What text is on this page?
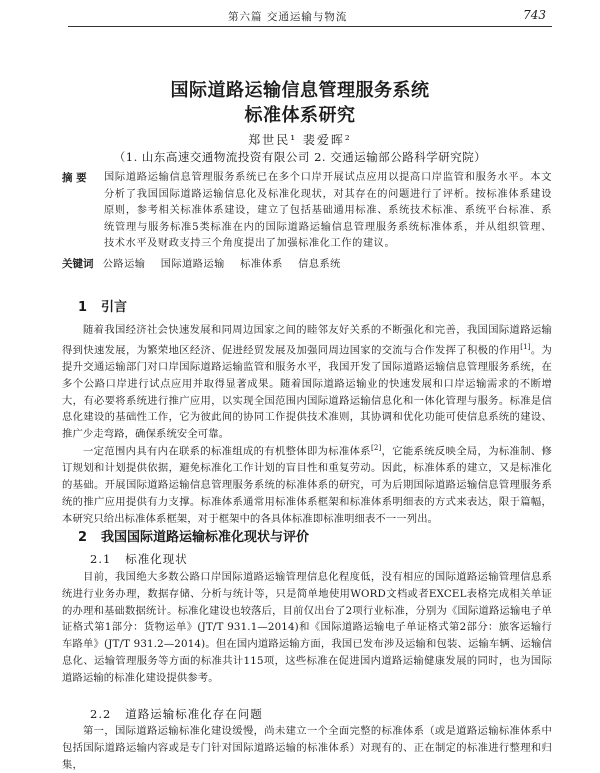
第六篇 交通运输与物流	743
国际道路运输信息管理服务系统
标准体系研究
郑世民¹ 裴爱晖²
（1. 山东高速交通物流投资有限公司 2. 交通运输部公路科学研究院）
摘 要 国际道路运输信息管理服务系统已在多个口岸开展试点应用以提高口岸监管和服务水平。本文分析了我国国际道路运输信息化及标准化现状，对其存在的问题进行了评析。按标准体系建设原则，参考相关标准体系建设，建立了包括基础通用标准、系统技术标准、系统平台标准、系统管理与服务标准5类标准在内的国际道路运输信息管理服务系统标准体系，并从组织管理、技术水平及财政支持三个角度提出了加强标准化工作的建议。
关键词 公路运输 国际道路运输 标准体系 信息系统
1 引言

随着我国经济社会快速发展和同周边国家之间的睦邻友好关系的不断强化和完善，我国国际道路运输得到快速发展，为繁荣地区经济、促进经贸发展及加强同周边国家的交流与合作发挥了积极的作用[1]。为提升交通运输部门对口岸国际道路运输监管和服务水平，我国开发了国际道路运输信息管理服务系统，在多个公路口岸进行试点应用并取得显著成果。随着国际道路运输业的快速发展和口岸运输需求的不断增大，有必要将系统进行推广应用，以实现全国范围内国际道路运输信息化和一体化管理与服务。标准是信息化建设的基础性工作，它为彼此间的协同工作提供技术准则，其协调和优化功能可使信息系统的建设、推广少走弯路，确保系统安全可靠。

一定范围内具有内在联系的标准组成的有机整体即为标准体系[2]，它能系统反映全局，为标准制、修订规划和计划提供依据，避免标准化工作计划的盲目性和重复劳动。因此，标准体系的建立，又是标准化的基础。开展国际道路运输信息管理服务系统的标准体系的研究，可为后期国际道路运输信息管理服务系统的推广应用提供有力支撑。标准体系通常用标准体系框架和标准体系明细表的方式来表达，限于篇幅，本研究只给出标准体系框架，对于框架中的各具体标准即标准明细表不一一列出。

2 我国国际道路运输标准化现状与评价
2.1 标准化现状

目前，我国绝大多数公路口岸国际道路运输管理信息化程度低，没有相应的国际道路运输管理信息系统进行业务办理，数据存储、分析与统计等，只是简单地使用WORD文档或者EXCEL表格完成相关单证的办理和基础数据统计。标准化建设也较落后，目前仅出台了2项行业标准，分别为《国际道路运输电子单证格式第1部分：货物运单》(JT/T 931.1—2014)和《国际道路运输电子单证格式第2部分：旅客运输行车路单》(JT/T 931.2—2014)。但在国内道路运输方面，我国已发布涉及运输和包装、运输车辆、运输信息化、运输管理服务等方面的标准共计115项，这些标准在促进国内道路运输健康发展的同时，也为国际道路运输的标准化建设提供参考。

2.2 道路运输标准化存在问题

第一，国际道路运输标准化建设缓慢，尚未建立一个全面完整的标准体系（或是道路运输标准体系中包括国际道路运输内容或是专门针对国际道路运输的标准体系）对现有的、正在制定的标准进行整理和归集，
